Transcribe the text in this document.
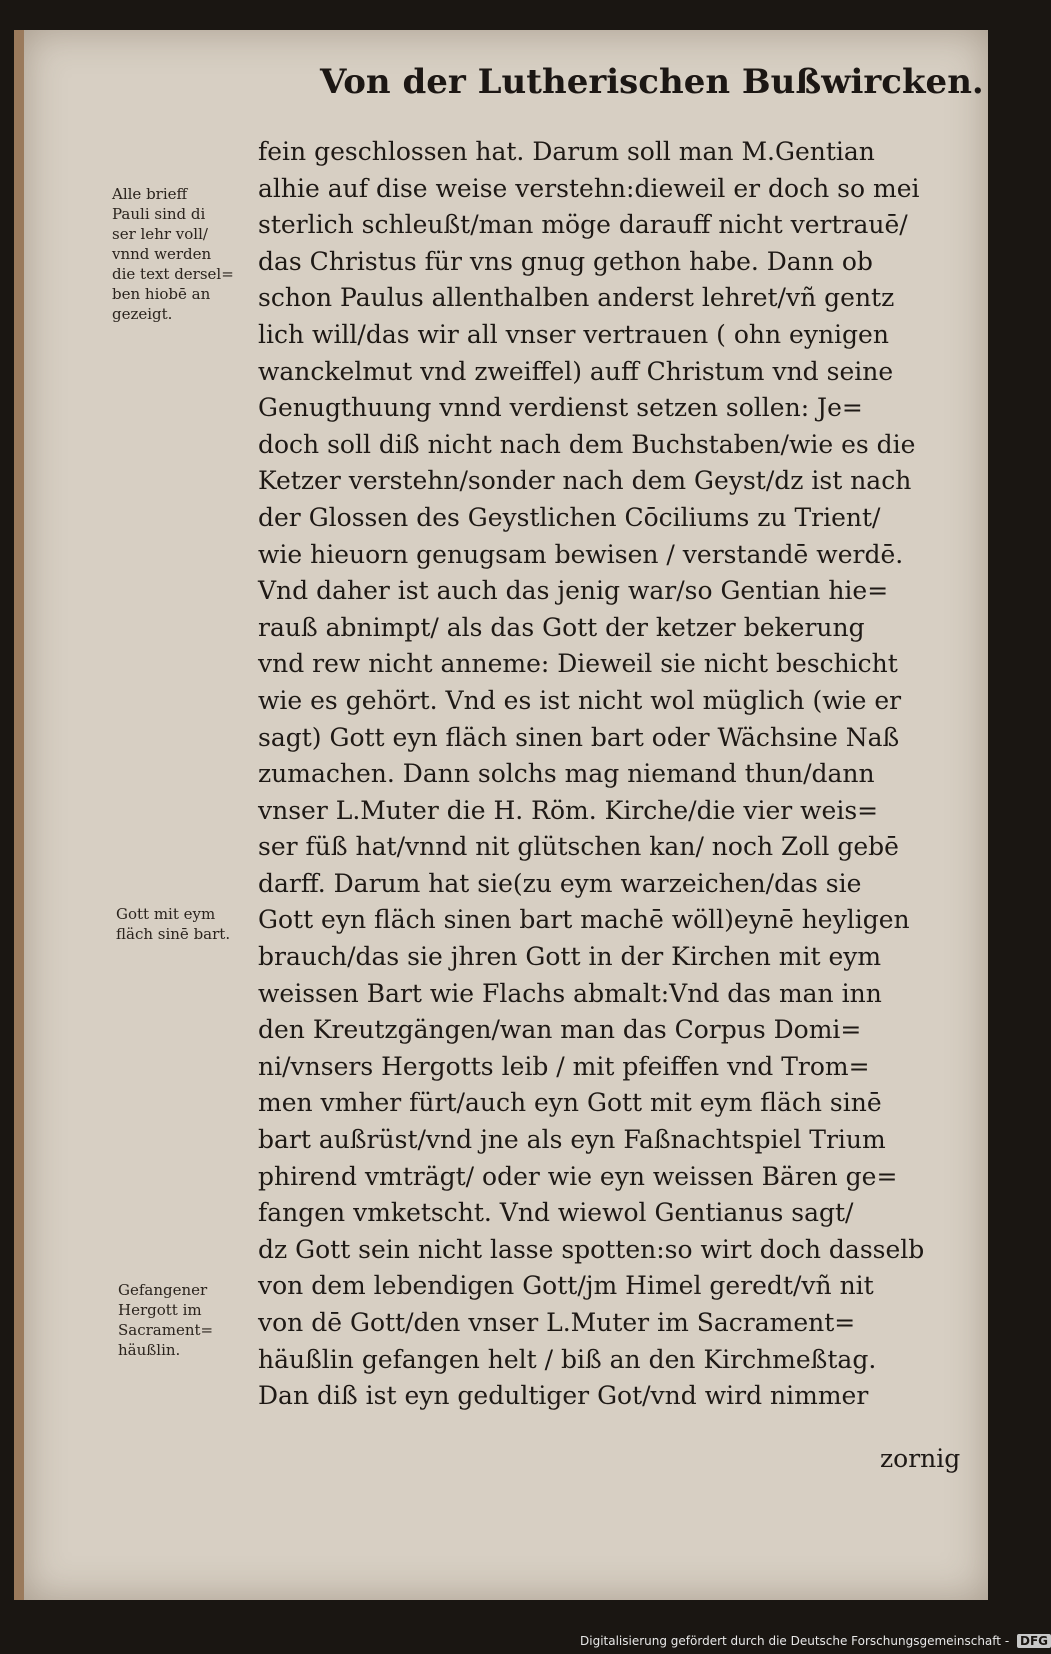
Von der Lutherischen Bußwircken.
fein geschlossen hat. Darum soll man M.Gentian
alhie auf dise weise verstehn:dieweil er doch so mei
sterlich schleußt/man möge darauff nicht vertrauē/
das Christus für vns gnug gethon habe. Dann ob
schon Paulus allenthalben anderst lehret/vñ gentz
lich will/das wir all vnser vertrauen ( ohn eynigen
wanckelmut vnd zweiffel) auff Christum vnd seine
Genugthuung vnnd verdienst setzen sollen: Je=
doch soll diß nicht nach dem Buchstaben/wie es die
Ketzer verstehn/sonder nach dem Geyst/dz ist nach
der Glossen des Geystlichen Cōciliums zu Trient/
wie hieuorn genugsam bewisen / verstandē werdē.
Vnd daher ist auch das jenig war/so Gentian hie=
rauß abnimpt/ als das Gott der ketzer bekerung
vnd rew nicht anneme: Dieweil sie nicht beschicht
wie es gehört. Vnd es ist nicht wol müglich (wie er
sagt) Gott eyn fläch sinen bart oder Wächsine Naß
zumachen. Dann solchs mag niemand thun/dann
vnser L.Muter die H. Röm. Kirche/die vier weis=
ser füß hat/vnnd nit glütschen kan/ noch Zoll gebē
darff. Darum hat sie(zu eym warzeichen/das sie
Gott eyn fläch sinen bart machē wöll)eynē heyligen
brauch/das sie jhren Gott in der Kirchen mit eym
weissen Bart wie Flachs abmalt:Vnd das man inn
den Kreutzgängen/wan man das Corpus Domi=
ni/vnsers Hergotts leib / mit pfeiffen vnd Trom=
men vmher fürt/auch eyn Gott mit eym fläch sinē
bart außrüst/vnd jne als eyn Faßnachtspiel Trium
phirend vmträgt/ oder wie eyn weissen Bären ge=
fangen vmketscht. Vnd wiewol Gentianus sagt/
dz Gott sein nicht lasse spotten:so wirt doch dasselb
von dem lebendigen Gott/jm Himel geredt/vñ nit
von dē Gott/den vnser L.Muter im Sacrament=
häußlin gefangen helt / biß an den Kirchmeßtag.
Dan diß ist eyn gedultiger Got/vnd wird nimmer
Alle brieff
Pauli sind di
ser lehr voll/
vnnd werden
die text dersel=
ben hiobē an
gezeigt.
Gott mit eym
fläch sinē bart.
Gefangener
Hergott im
Sacrament=
häußlin.
zornig
Digitalisierung gefördert durch die Deutsche Forschungsgemeinschaft - DFG
